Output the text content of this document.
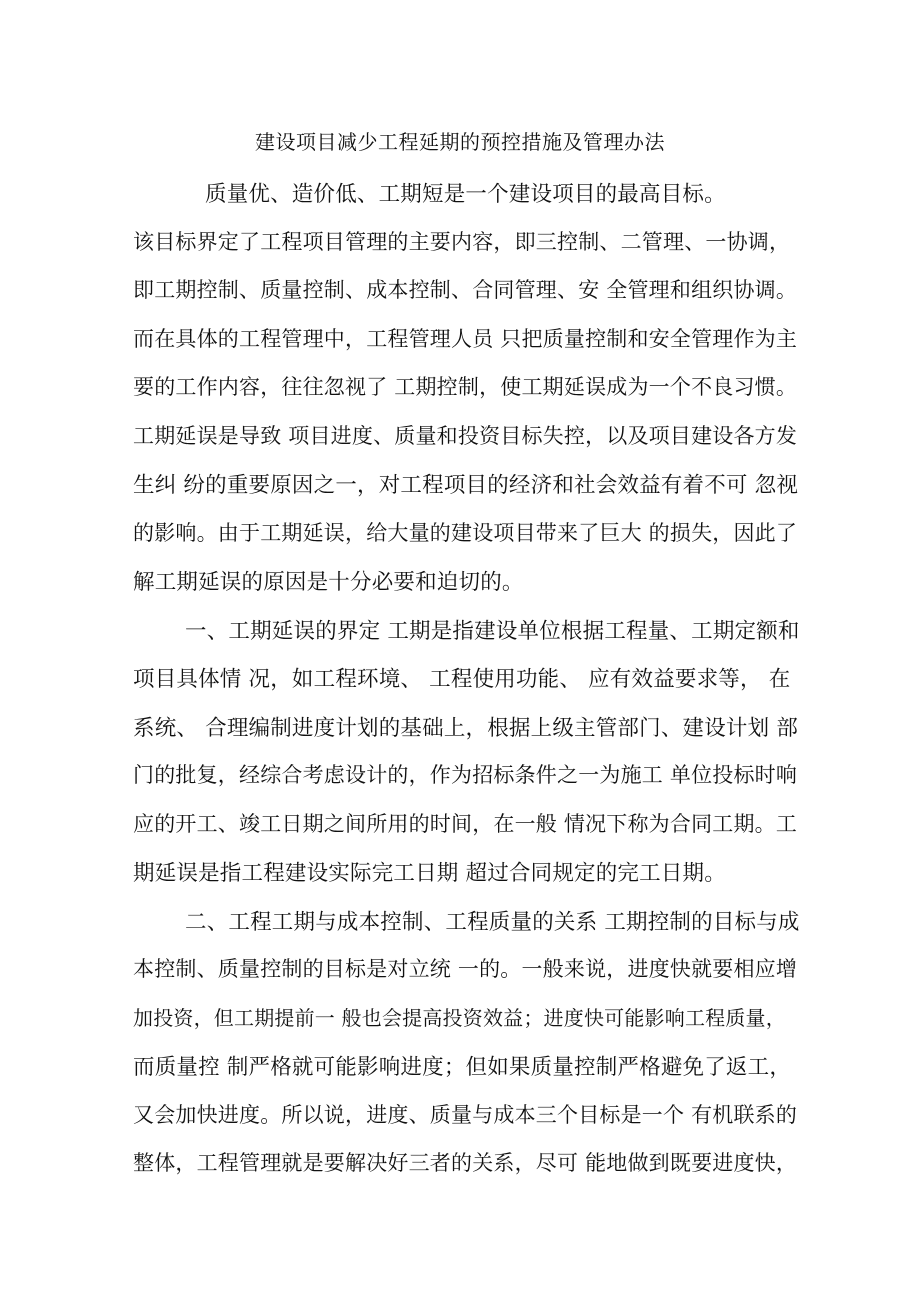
建设项目减少工程延期的预控措施及管理办法
质量优、造价低、工期短是一个建设项目的最高目标。
该目标界定了工程项目管理的主要内容，即三控制、二管理、一协调，
即工期控制、质量控制、成本控制、合同管理、安 全管理和组织协调。
而在具体的工程管理中，工程管理人员 只把质量控制和安全管理作为主
要的工作内容，往往忽视了 工期控制，使工期延误成为一个不良习惯。
工期延误是导致 项目进度、质量和投资目标失控，以及项目建设各方发
生纠 纷的重要原因之一，对工程项目的经济和社会效益有着不可 忽视
的影响。由于工期延误，给大量的建设项目带来了巨大 的损失，因此了
解工期延误的原因是十分必要和迫切的。
一、工期延误的界定 工期是指建设单位根据工程量、工期定额和
项目具体情 况，如工程环境、 工程使用功能、 应有效益要求等， 在
系统、 合理编制进度计划的基础上，根据上级主管部门、建设计划 部
门的批复，经综合考虑设计的，作为招标条件之一为施工 单位投标时响
应的开工、竣工日期之间所用的时间，在一般 情况下称为合同工期。工
期延误是指工程建设实际完工日期 超过合同规定的完工日期。
二、工程工期与成本控制、工程质量的关系 工期控制的目标与成
本控制、质量控制的目标是对立统 一的。一般来说，进度快就要相应增
加投资，但工期提前一 般也会提高投资效益；进度快可能影响工程质量，
而质量控 制严格就可能影响进度；但如果质量控制严格避免了返工，
又会加快进度。所以说，进度、质量与成本三个目标是一个 有机联系的
整体，工程管理就是要解决好三者的关系，尽可 能地做到既要进度快，
